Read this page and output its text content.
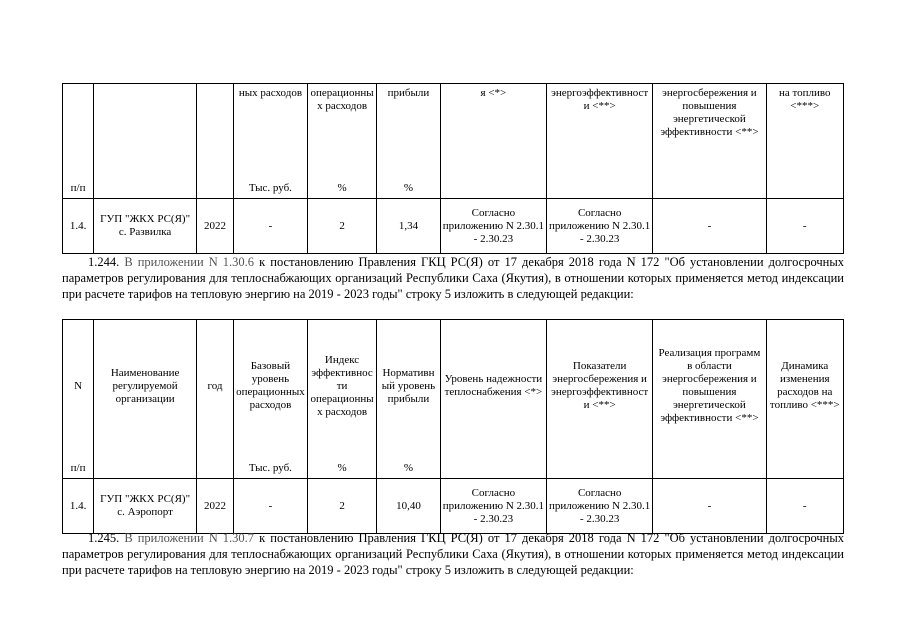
			ных расходов	операционных расходов	прибыли	я <*>	энергоэффективности <**>	энергосбережения и повышения энергетической эффективности <**>	на топливо <***>
п/п			Тыс. руб.	%	%				
1.4.	ГУП "ЖКХ РС(Я)" с. Развилка	2022	-	2	1,34	Согласно приложению N 2.30.1 - 2.30.23	Согласно приложению N 2.30.1 - 2.30.23	-	-

1.244. В приложении N 1.30.6 к постановлению Правления ГКЦ РС(Я) от 17 декабря 2018 года N 172 "Об установлении долгосрочных параметров регулирования для теплоснабжающих организаций Республики Саха (Якутия), в отношении которых применяется метод индексации при расчете тарифов на тепловую энергию на 2019 - 2023 годы" строку 5 изложить в следующей редакции:

N	Наименование регулируемой организации	год	Базовый уровень операционных расходов	Индекс эффективности операционных расходов	Нормативный уровень прибыли	Уровень надежности теплоснабжения <*>	Показатели энергосбережения и энергоэффективности <**>	Реализация программ в области энергосбережения и повышения энергетической эффективности <**>	Динамика изменения расходов на топливо <***>
п/п			Тыс. руб.	%	%				
1.4.	ГУП "ЖКХ РС(Я)" с. Аэропорт	2022	-	2	10,40	Согласно приложению N 2.30.1 - 2.30.23	Согласно приложению N 2.30.1 - 2.30.23	-	-

1.245. В приложении N 1.30.7 к постановлению Правления ГКЦ РС(Я) от 17 декабря 2018 года N 172 "Об установлении долгосрочных параметров регулирования для теплоснабжающих организаций Республики Саха (Якутия), в отношении которых применяется метод индексации при расчете тарифов на тепловую энергию на 2019 - 2023 годы" строку 5 изложить в следующей редакции:
